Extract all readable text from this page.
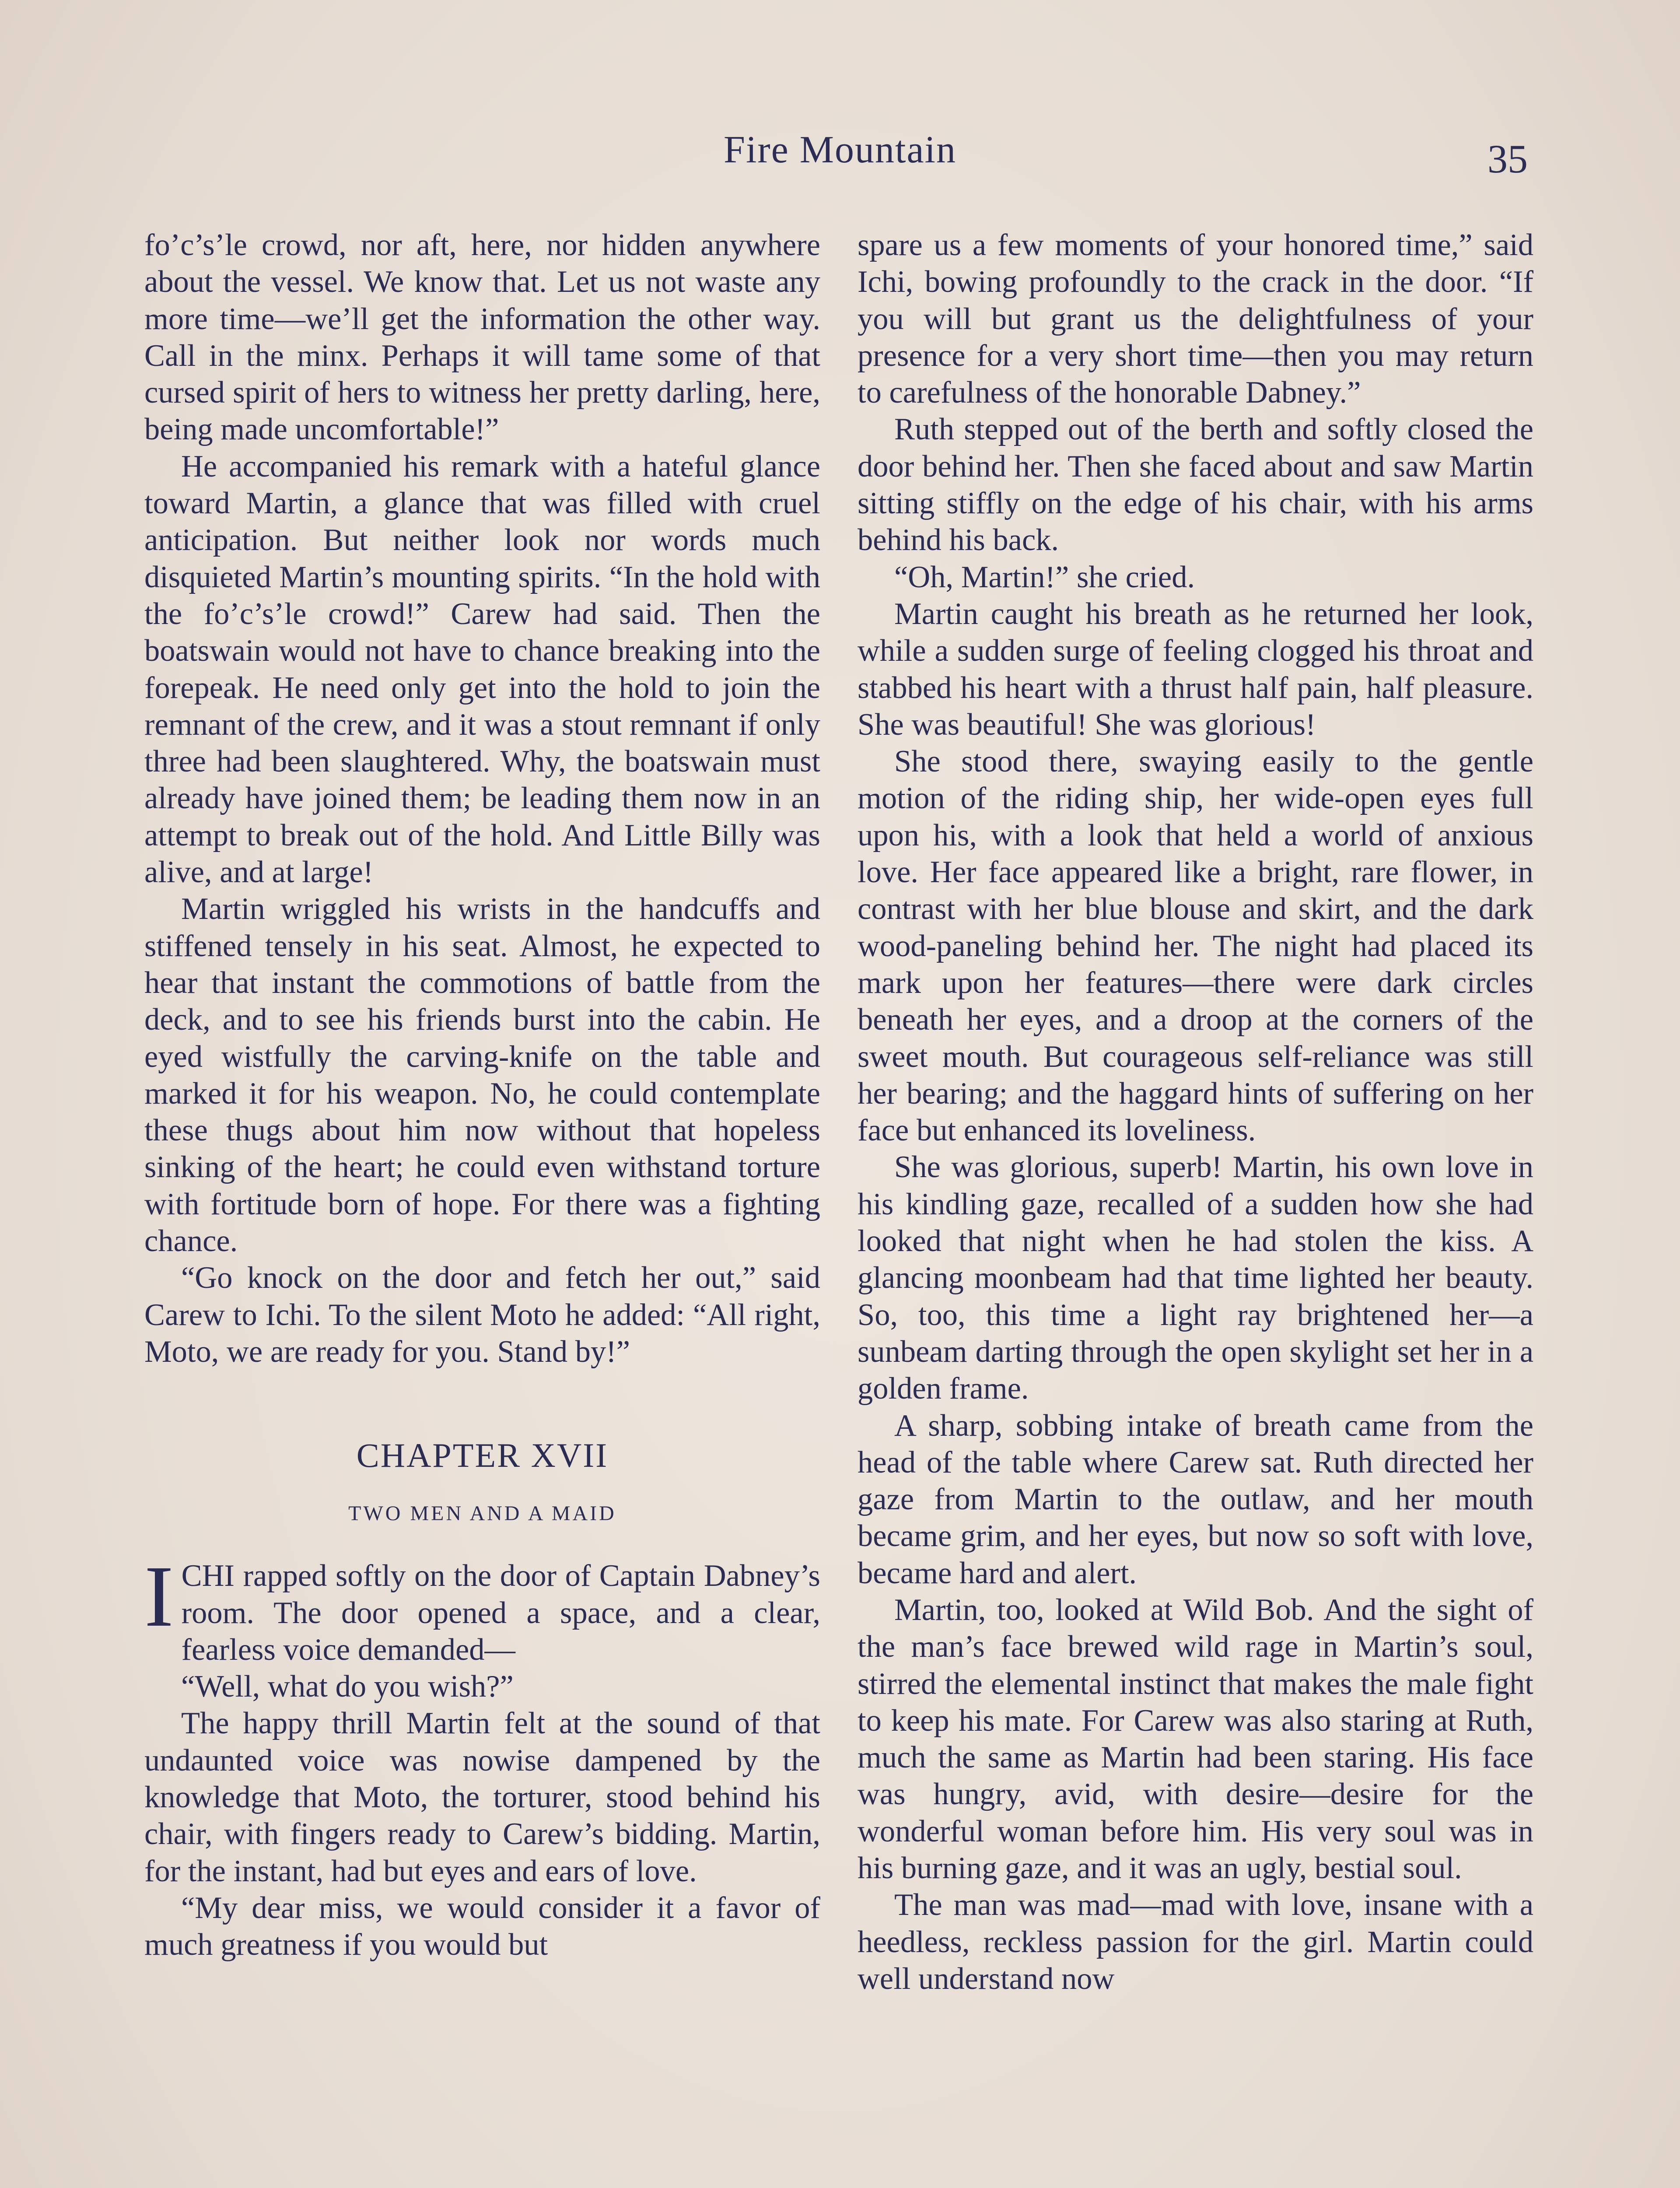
Fire Mountain	35

fo’c’s’le crowd, nor aft, here, nor hidden anywhere about the vessel. We know that. Let us not waste any more time—we’ll get the information the other way. Call in the minx. Perhaps it will tame some of that cursed spirit of hers to witness her pretty darling, here, being made uncomfortable!”

He accompanied his remark with a hateful glance toward Martin, a glance that was filled with cruel anticipation. But neither look nor words much disquieted Martin’s mounting spirits. “In the hold with the fo’c’s’le crowd!” Carew had said. Then the boatswain would not have to chance breaking into the forepeak. He need only get into the hold to join the remnant of the crew, and it was a stout remnant if only three had been slaughtered. Why, the boatswain must already have joined them; be leading them now in an attempt to break out of the hold. And Little Billy was alive, and at large!

Martin wriggled his wrists in the handcuffs and stiffened tensely in his seat. Almost, he expected to hear that instant the commotions of battle from the deck, and to see his friends burst into the cabin. He eyed wistfully the carving-knife on the table and marked it for his weapon. No, he could contemplate these thugs about him now without that hopeless sinking of the heart; he could even withstand torture with fortitude born of hope. For there was a fighting chance.

“Go knock on the door and fetch her out,” said Carew to Ichi. To the silent Moto he added: “All right, Moto, we are ready for you. Stand by!”

CHAPTER XVII
TWO MEN AND A MAID

ICHI rapped softly on the door of Captain Dabney’s room. The door opened a space, and a clear, fearless voice demanded—

“Well, what do you wish?”

The happy thrill Martin felt at the sound of that undaunted voice was nowise dampened by the knowledge that Moto, the torturer, stood behind his chair, with fingers ready to Carew’s bidding. Martin, for the instant, had but eyes and ears of love.

“My dear miss, we would consider it a favor of much greatness if you would but

spare us a few moments of your honored time,” said Ichi, bowing profoundly to the crack in the door. “If you will but grant us the delightfulness of your presence for a very short time—then you may return to carefulness of the honorable Dabney.”

Ruth stepped out of the berth and softly closed the door behind her. Then she faced about and saw Martin sitting stiffly on the edge of his chair, with his arms behind his back.

“Oh, Martin!” she cried.

Martin caught his breath as he returned her look, while a sudden surge of feeling clogged his throat and stabbed his heart with a thrust half pain, half pleasure. She was beautiful! She was glorious!

She stood there, swaying easily to the gentle motion of the riding ship, her wide-open eyes full upon his, with a look that held a world of anxious love. Her face appeared like a bright, rare flower, in contrast with her blue blouse and skirt, and the dark wood-paneling behind her. The night had placed its mark upon her features—there were dark circles beneath her eyes, and a droop at the corners of the sweet mouth. But courageous self-reliance was still her bearing; and the haggard hints of suffering on her face but enhanced its loveliness.

She was glorious, superb! Martin, his own love in his kindling gaze, recalled of a sudden how she had looked that night when he had stolen the kiss. A glancing moonbeam had that time lighted her beauty. So, too, this time a light ray brightened her—a sunbeam darting through the open skylight set her in a golden frame.

A sharp, sobbing intake of breath came from the head of the table where Carew sat. Ruth directed her gaze from Martin to the outlaw, and her mouth became grim, and her eyes, but now so soft with love, became hard and alert.

Martin, too, looked at Wild Bob. And the sight of the man’s face brewed wild rage in Martin’s soul, stirred the elemental instinct that makes the male fight to keep his mate. For Carew was also staring at Ruth, much the same as Martin had been staring. His face was hungry, avid, with desire—desire for the wonderful woman before him. His very soul was in his burning gaze, and it was an ugly, bestial soul.

The man was mad—mad with love, insane with a heedless, reckless passion for the girl. Martin could well understand now
